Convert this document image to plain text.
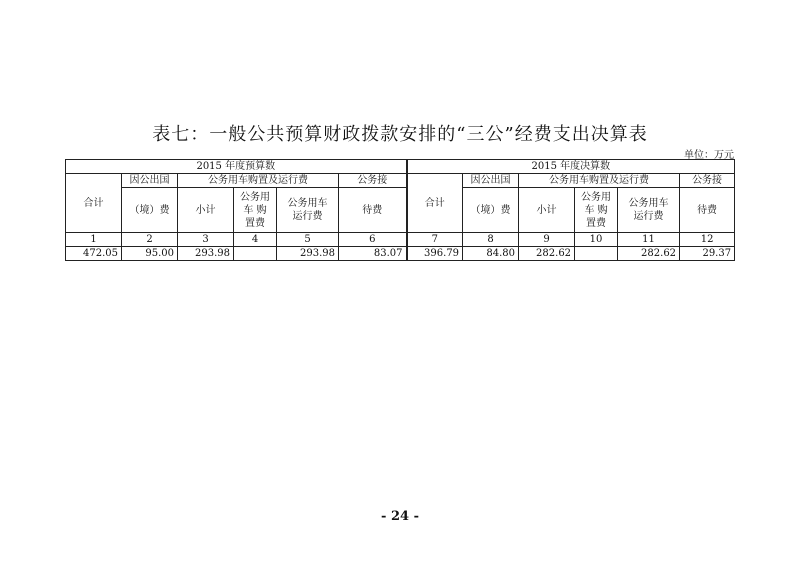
表七：一般公共预算财政拨款安排的“三公”经费支出决算表
单位：万元
2015 年度预算数						2015 年度决算数					
合计	因公出国	公务用车购置及运行费			公务接	合计	因公出国	公务用车购置及运行费			公务接
	（境）费	小计	公务用
车 购
置费	公务用车
运行费	待费		（境）费	小计	公务用
车 购
置费	公务用车
运行费	待费
1	2	3	4	5	6	7	8	9	10	11	12
472.05	95.00	293.98		293.98	83.07	396.79	84.80	282.62		282.62	29.37
- 24 -
